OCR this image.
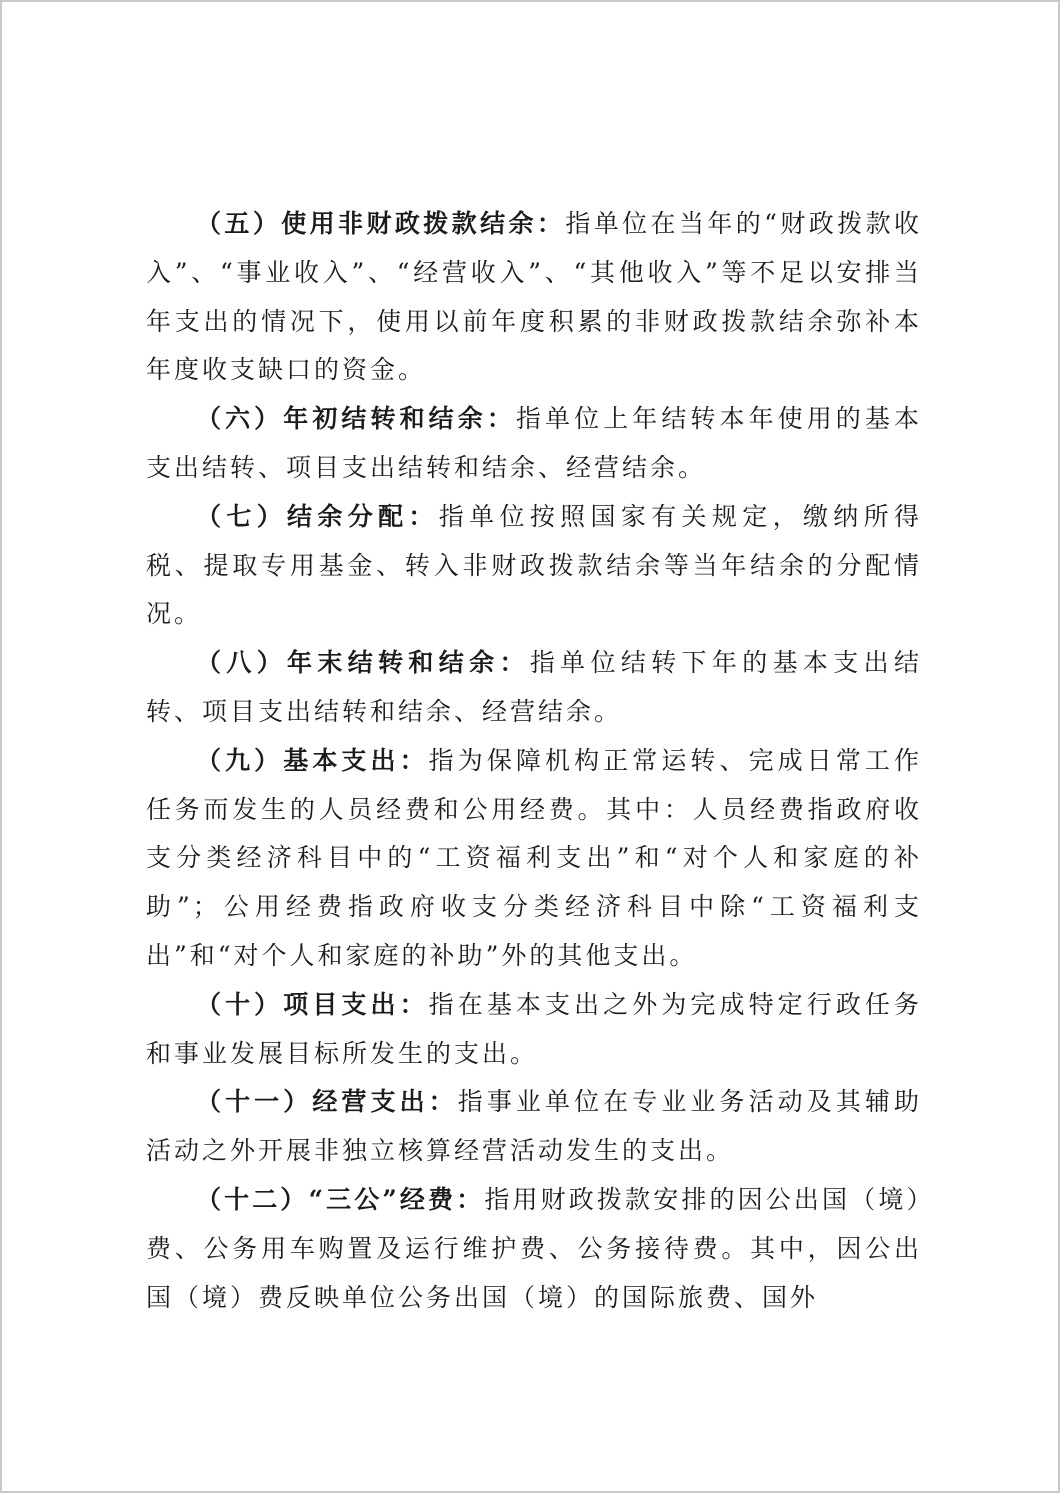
（五）使用非财政拨款结余：指单位在当年的“财政拨款收入”、“事业收入”、“经营收入”、“其他收入”等不足以安排当年支出的情况下，使用以前年度积累的非财政拨款结余弥补本年度收支缺口的资金。

（六）年初结转和结余：指单位上年结转本年使用的基本支出结转、项目支出结转和结余、经营结余。

（七）结余分配：指单位按照国家有关规定，缴纳所得税、提取专用基金、转入非财政拨款结余等当年结余的分配情况。

（八）年末结转和结余：指单位结转下年的基本支出结转、项目支出结转和结余、经营结余。

（九）基本支出：指为保障机构正常运转、完成日常工作任务而发生的人员经费和公用经费。其中：人员经费指政府收支分类经济科目中的“工资福利支出”和“对个人和家庭的补助”；公用经费指政府收支分类经济科目中除“工资福利支出”和“对个人和家庭的补助”外的其他支出。

（十）项目支出：指在基本支出之外为完成特定行政任务和事业发展目标所发生的支出。

（十一）经营支出：指事业单位在专业业务活动及其辅助活动之外开展非独立核算经营活动发生的支出。

（十二）“三公”经费：指用财政拨款安排的因公出国（境）费、公务用车购置及运行维护费、公务接待费。其中，因公出国（境）费反映单位公务出国（境）的国际旅费、国外
